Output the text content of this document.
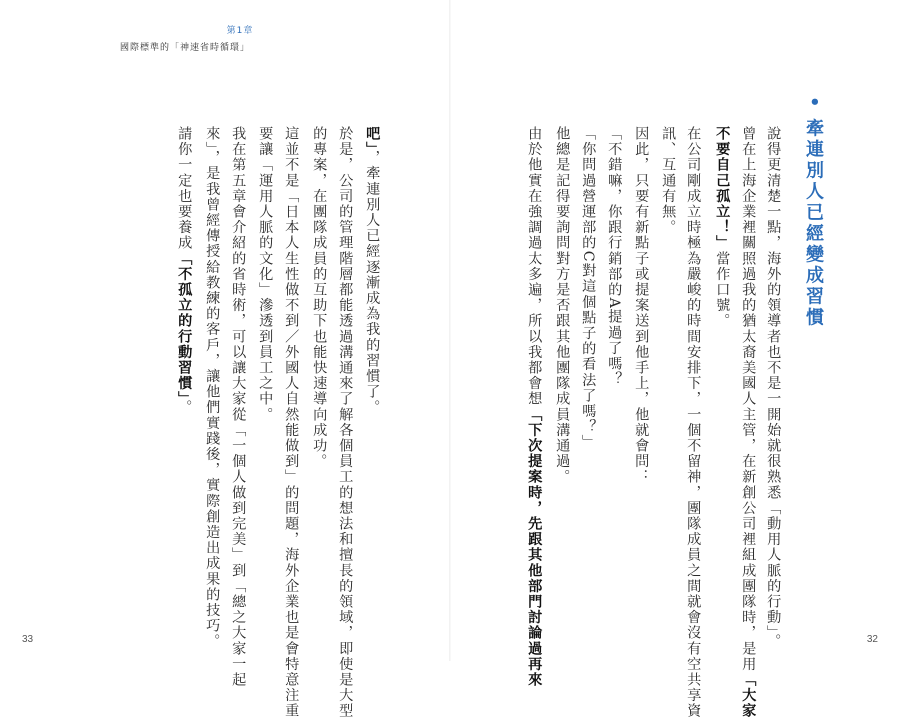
第1章
國際標準的「神速省時循環」
•牽連別人已經變成習慣
說得更清楚一點，海外的領導者也不是一開始就很熟悉「動用人脈的行動」。
曾在上海企業裡關照過我的猶太裔美國人主管，在新創公司裡組成團隊時，是用「大家
不要自己孤立！」當作口號。
在公司剛成立時極為嚴峻的時間安排下，一個不留神，團隊成員之間就會沒有空共享資
訊、互通有無。
因此，只要有新點子或提案送到他手上，他就會問：
「不錯嘛，你跟行銷部的A提過了嗎？
「你問過營運部的C對這個點子的看法了嗎？」
他總是記得要詢問對方是否跟其他團隊成員溝通過。
由於他實在強調過太多遍，所以我都會想「下次提案時，先跟其他部門討論過再來
吧」，牽連別人已經逐漸成為我的習慣了。
於是，公司的管理階層都能透過溝通來了解各個員工的想法和擅長的領域，即使是大型
的專案，在團隊成員的互助下也能快速導向成功。
這並不是「日本人生性做不到／外國人自然能做到」的問題，海外企業也是會特意注重
要讓「運用人脈的文化」滲透到員工之中。
我在第五章會介紹的省時術，可以讓大家從「一個人做到完美」到「總之大家一起
來」，是我曾經傳授給教練的客戶，讓他們實踐後，實際創造出成果的技巧。
請你一定也要養成「不孤立的行動習慣」。
33	32
